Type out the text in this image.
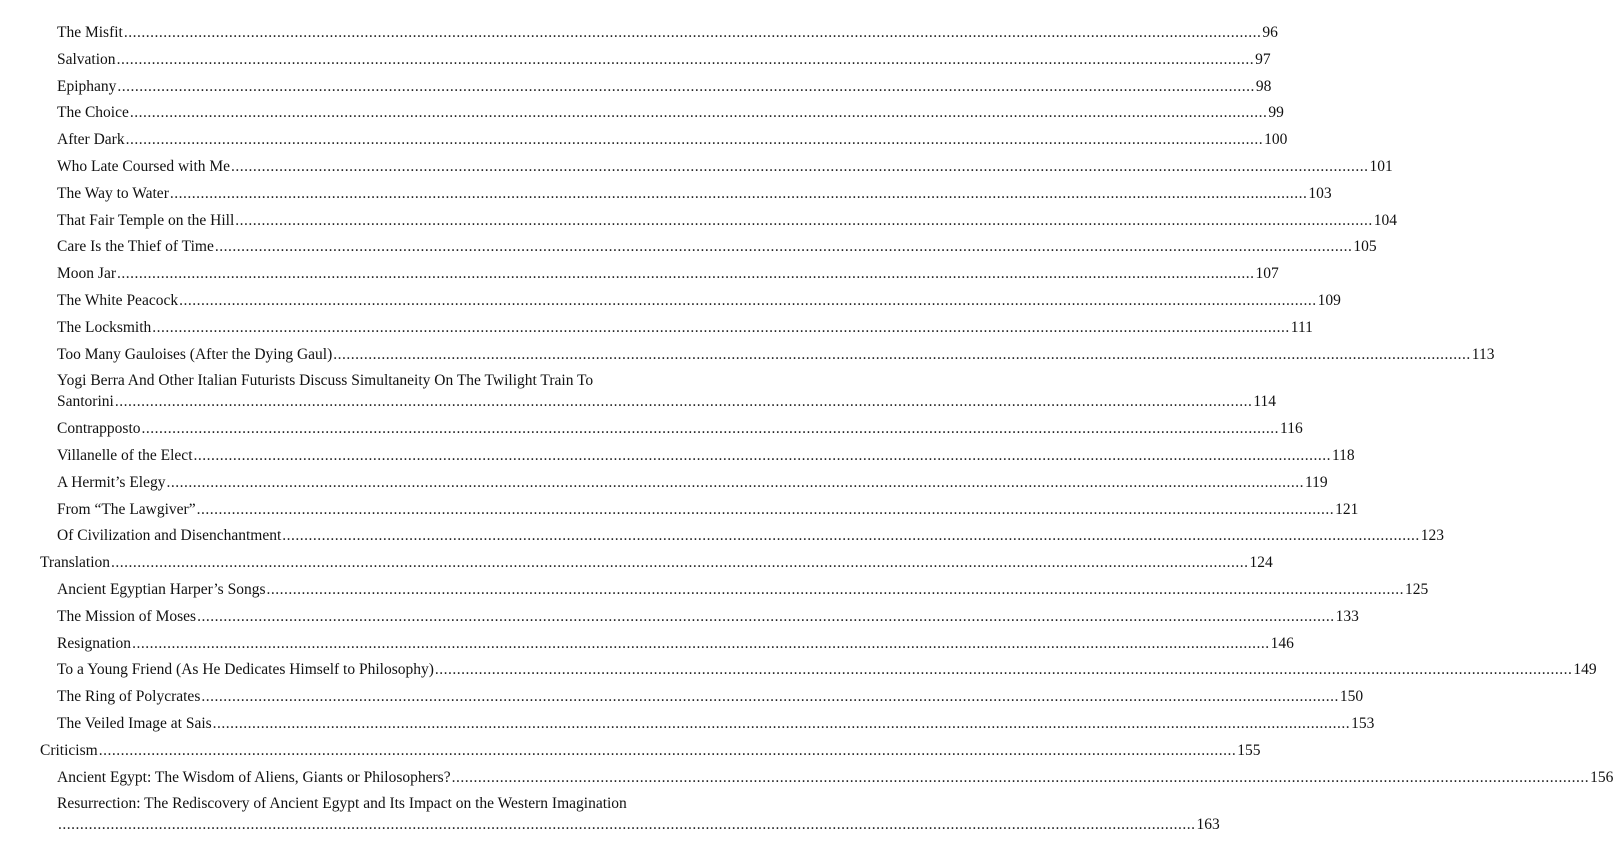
The Misfit .................................................................................................................................................................................................................................................................... 96
Salvation .................................................................................................................................................................................................................................................................... 97
Epiphany .................................................................................................................................................................................................................................................................... 98
The Choice .................................................................................................................................................................................................................................................................... 99
After Dark .................................................................................................................................................................................................................................................................... 100
Who Late Coursed with Me .................................................................................................................................................................................................................................................................... 101
The Way to Water .................................................................................................................................................................................................................................................................... 103
That Fair Temple on the Hill .................................................................................................................................................................................................................................................................... 104
Care Is the Thief of Time .................................................................................................................................................................................................................................................................... 105
Moon Jar .................................................................................................................................................................................................................................................................... 107
The White Peacock .................................................................................................................................................................................................................................................................... 109
The Locksmith .................................................................................................................................................................................................................................................................... 111
Too Many Gauloises (After the Dying Gaul) .................................................................................................................................................................................................................................................................... 113
Yogi Berra And Other Italian Futurists Discuss Simultaneity On The Twilight Train To
Santorini .................................................................................................................................................................................................................................................................... 114
Contrapposto .................................................................................................................................................................................................................................................................... 116
Villanelle of the Elect .................................................................................................................................................................................................................................................................... 118
A Hermit’s Elegy .................................................................................................................................................................................................................................................................... 119
From “The Lawgiver” .................................................................................................................................................................................................................................................................... 121
Of Civilization and Disenchantment .................................................................................................................................................................................................................................................................... 123
Translation .................................................................................................................................................................................................................................................................... 124
Ancient Egyptian Harper’s Songs .................................................................................................................................................................................................................................................................... 125
The Mission of Moses .................................................................................................................................................................................................................................................................... 133
Resignation .................................................................................................................................................................................................................................................................... 146
To a Young Friend (As He Dedicates Himself to Philosophy) .................................................................................................................................................................................................................................................................... 149
The Ring of Polycrates .................................................................................................................................................................................................................................................................... 150
The Veiled Image at Sais .................................................................................................................................................................................................................................................................... 153
Criticism .................................................................................................................................................................................................................................................................... 155
Ancient Egypt: The Wisdom of Aliens, Giants or Philosophers? .................................................................................................................................................................................................................................................................... 156
Resurrection: The Rediscovery of Ancient Egypt and Its Impact on the Western Imagination
.................................................................................................................................................................................................................................................................... 163
